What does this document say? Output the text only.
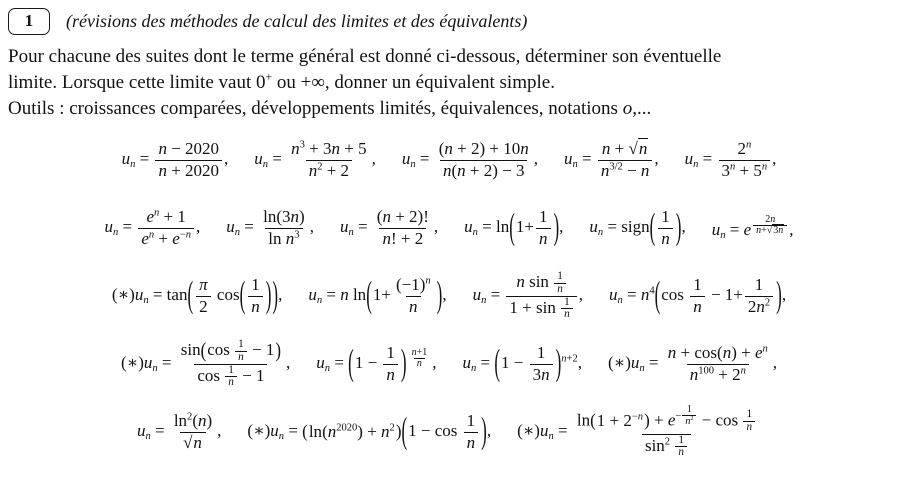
1 (révisions des méthodes de calcul des limites et des équivalents)
Pour chacune des suites dont le terme général est donné ci-dessous, déterminer son éventuelle
limite. Lorsque cette limite vaut 0+ ou +∞, donner un équivalent simple.
Outils : croissances comparées, développements limités, équivalences, notations o,...
$u_n = \frac{n - 2020}{n + 2020}$ , $u_n = \frac{n^3 + 3n + 5}{n^2 + 2}$ , $u_n = \frac{(n + 2) + 10n}{n(n + 2) - 3}$ , $u_n = \frac{n + √n}{n^{3/2} - n}$ , $u_n = \frac{2^n}{3^n + 5^n}$ ,
$u_n = \frac{e^n + 1}{e^n + e^{-n}}$ , $u_n = \frac{\ln(3n)}{\ln n^3}$ , $u_n = \frac{(n + 2)!}{n! + 2}$ , $u_n = \ln$ ( $1+ \frac{1}{n}$ ) , $u_n$ = sign ( $\frac{1}{n}$ ) , $u_n = e$ $^{\frac{2n}{n+√3n}}$ ,
$(∗)u_n = \tan$ ( $\frac{\pi}{2}$ cos ( $\frac{1}{n}$ ) ) , $u_n = n$ ln ( $1+ \frac{(-1)^n}{n}$ ) , $u_n = \frac{n \sin \frac{1}{n}}{1 + \sin \frac{1}{n}}$ , $u_n = n^4$ ( $\cos \frac{1}{n} - 1+ \frac{1}{2n^2}$ ) ,
$(∗)u_n = \frac{\sin ( \cos \frac{1}{n} - 1 )}{\cos \frac{1}{n} - 1}$ , $u_n$ = ( $1 - \frac{1}{n}$ ) $^{\frac{n+1}{n}}$ , $u_n$ = ( $1 - \frac{1}{3n}$ ) $^{n+2}$, $(∗)u_n = \frac{n + \cos(n) + e^n}{n^{100} + 2^n}$ ,
$u_n = \frac{\ln^2(n)}{√n}$ , $(∗)u_n$ = ( $\ln(n^{2020}) + n^2$ ) ( $1 - \cos \frac{1}{n}$ ) , $(∗)u_n = \ln$ ( $1 + 2^{-n}$ ) + $e^{- \frac{1}{n^2}} - \cos \frac{1}{n}$
$\sin^2 \frac{1}{n}$
